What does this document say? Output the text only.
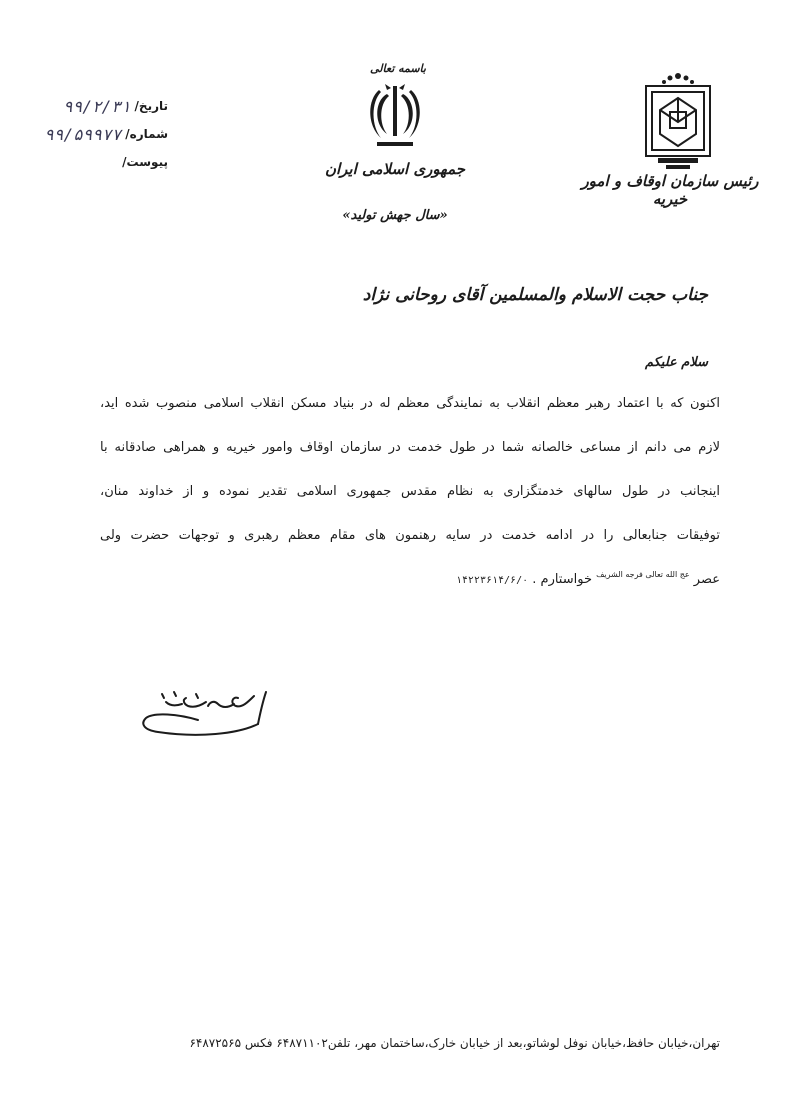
رئیس سازمان اوقاف و امور خیریه
باسمه تعالی
جمهوری اسلامی ایران
«سال جهش تولید»
تاریخ/
۹۹/۲/۳۱
شماره/
۹۹/۵۹۹۷۷
پیوست/
جناب حجت الاسلام والمسلمین آقای روحانی نژاد
سلام علیکم
اکنون که با اعتماد رهبر معظم انقلاب به نمایندگی معظم له در بنیاد مسکن انقلاب اسلامی منصوب شده اید،
لازم می دانم از مساعی خالصانه شما در طول خدمت در سازمان اوقاف وامور خیریه و همراهی صادقانه با
اینجانب در طول سالهای خدمتگزاری به نظام مقدس جمهوری اسلامی تقدیر نموده و از خداوند منان،
توفیقات جنابعالی را در ادامه خدمت در سایه رهنمون های مقام معظم رهبری و توجهات حضرت ولی
عصر $^{عج الله تعالی فرجه الشریف}$ خواستارم . ۱۴۲۲۳۶۱۴/۶/۰
تهران،خیابان حافظ،خیابان نوفل لوشاتو،بعد از خیابان خارک،ساختمان مهر، تلفن۶۴۸۷۱۱۰۲ فکس ۶۴۸۷۲۵۶۵
